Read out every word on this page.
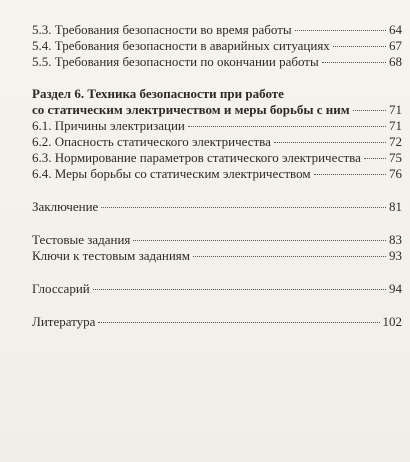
5.3. Требования безопасности во время работы	64
5.4. Требования безопасности в аварийных ситуациях	67
5.5. Требования безопасности по окончании работы	68
Раздел 6. Техника безопасности при работе
со статическим электричеством и меры борьбы с ним	71
6.1. Причины электризации	71
6.2. Опасность статического электричества	72
6.3. Нормирование параметров статического электричества 75
6.4. Меры борьбы со статическим электричеством	76
Заключение	81
Тестовые задания	83
Ключи к тестовым заданиям	93
Глоссарий	94
Литература	102
